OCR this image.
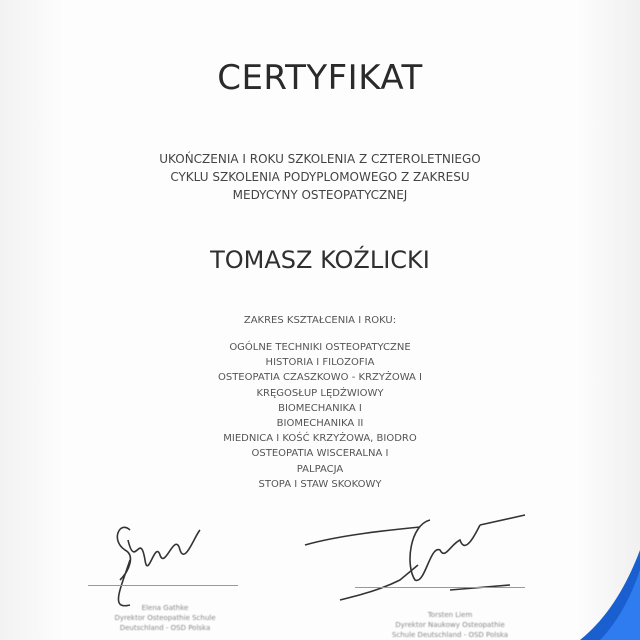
CERTYFIKAT
UKOŃCZENIA I ROKU SZKOLENIA Z CZTEROLETNIEGO
CYKLU SZKOLENIA PODYPLOMOWEGO Z ZAKRESU
MEDYCYNY OSTEOPATYCZNEJ
TOMASZ KOŹLICKI
ZAKRES KSZTAŁCENIA I ROKU:
OGÓLNE TECHNIKI OSTEOPATYCZNE
HISTORIA I FILOZOFIA
OSTEOPATIA CZASZKOWO - KRZYŻOWA I
KRĘGOSŁUP LĘDŹWIOWY
BIOMECHANIKA I
BIOMECHANIKA II
MIEDNICA I KOŚĆ KRZYŻOWA, BIODRO
OSTEOPATIA WISCERALNA I
PALPACJA
STOPA I STAW SKOKOWY
Elena Gathke
Dyrektor Osteopathie Schule
Deutschland - OSD Polska
Torsten Liem
Dyrektor Naukowy Osteopathie
Schule Deutschland - OSD Polska
